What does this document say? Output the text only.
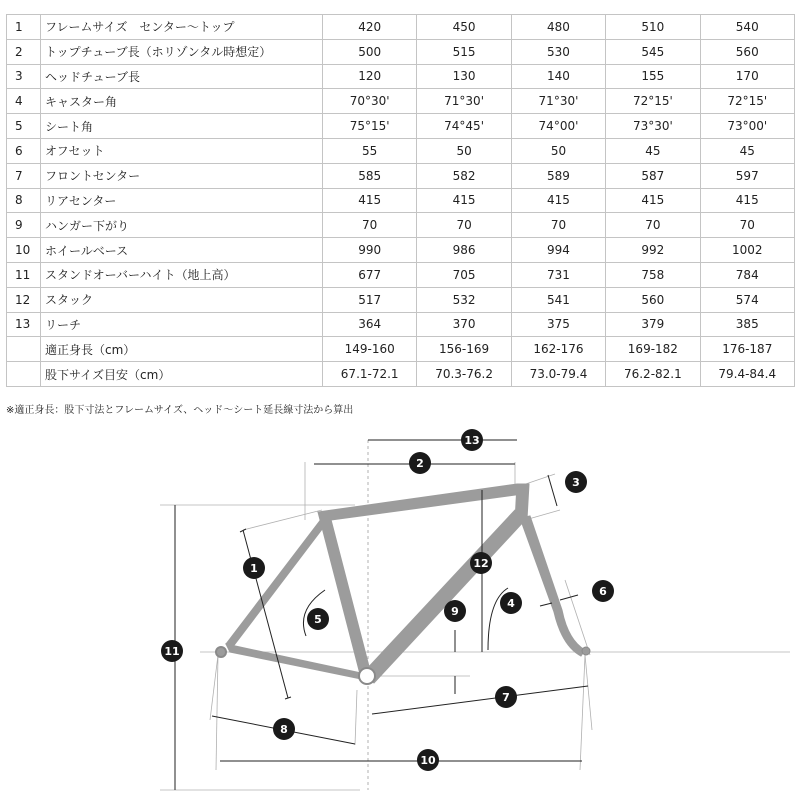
1	フレームサイズ　センター〜トップ	420	450	480	510	540
2	トップチューブ長（ホリゾンタル時想定）	500	515	530	545	560
3	ヘッドチューブ長	120	130	140	155	170
4	キャスター角	70°30'	71°30'	71°30'	72°15'	72°15'
5	シート角	75°15'	74°45'	74°00'	73°30'	73°00'
6	オフセット	55	50	50	45	45
7	フロントセンター	585	582	589	587	597
8	リアセンター	415	415	415	415	415
9	ハンガー下がり	70	70	70	70	70
10	ホイールベース	990	986	994	992	1002
11	スタンドオーバーハイト（地上高）	677	705	731	758	784
12	スタック	517	532	541	560	574
13	リーチ	364	370	375	379	385
	適正身長（cm）	149-160	156-169	162-176	169-182	176-187
	股下サイズ目安（cm）	67.1-72.1	70.3-76.2	73.0-79.4	76.2-82.1	79.4-84.4
※適正身長：股下寸法とフレームサイズ、ヘッド〜シート延長線寸法から算出
1
2
3
4
5
6
7
8
9
10
11
12
13
